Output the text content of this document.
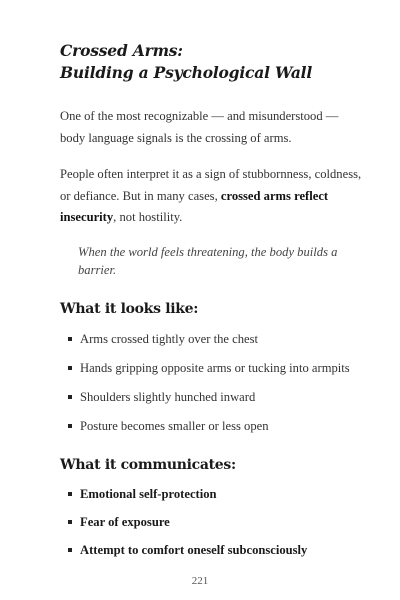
Crossed Arms:
Building a Psychological Wall

One of the most recognizable — and misunderstood — body language signals is the crossing of arms.

People often interpret it as a sign of stubbornness, coldness, or defiance. But in many cases, crossed arms reflect insecurity, not hostility.

When the world feels threatening, the body builds a barrier.

What it looks like:
Arms crossed tightly over the chest
Hands gripping opposite arms or tucking into armpits
Shoulders slightly hunched inward
Posture becomes smaller or less open
What it communicates:
Emotional self-protection
Fear of exposure
Attempt to comfort oneself subconsciously
221
